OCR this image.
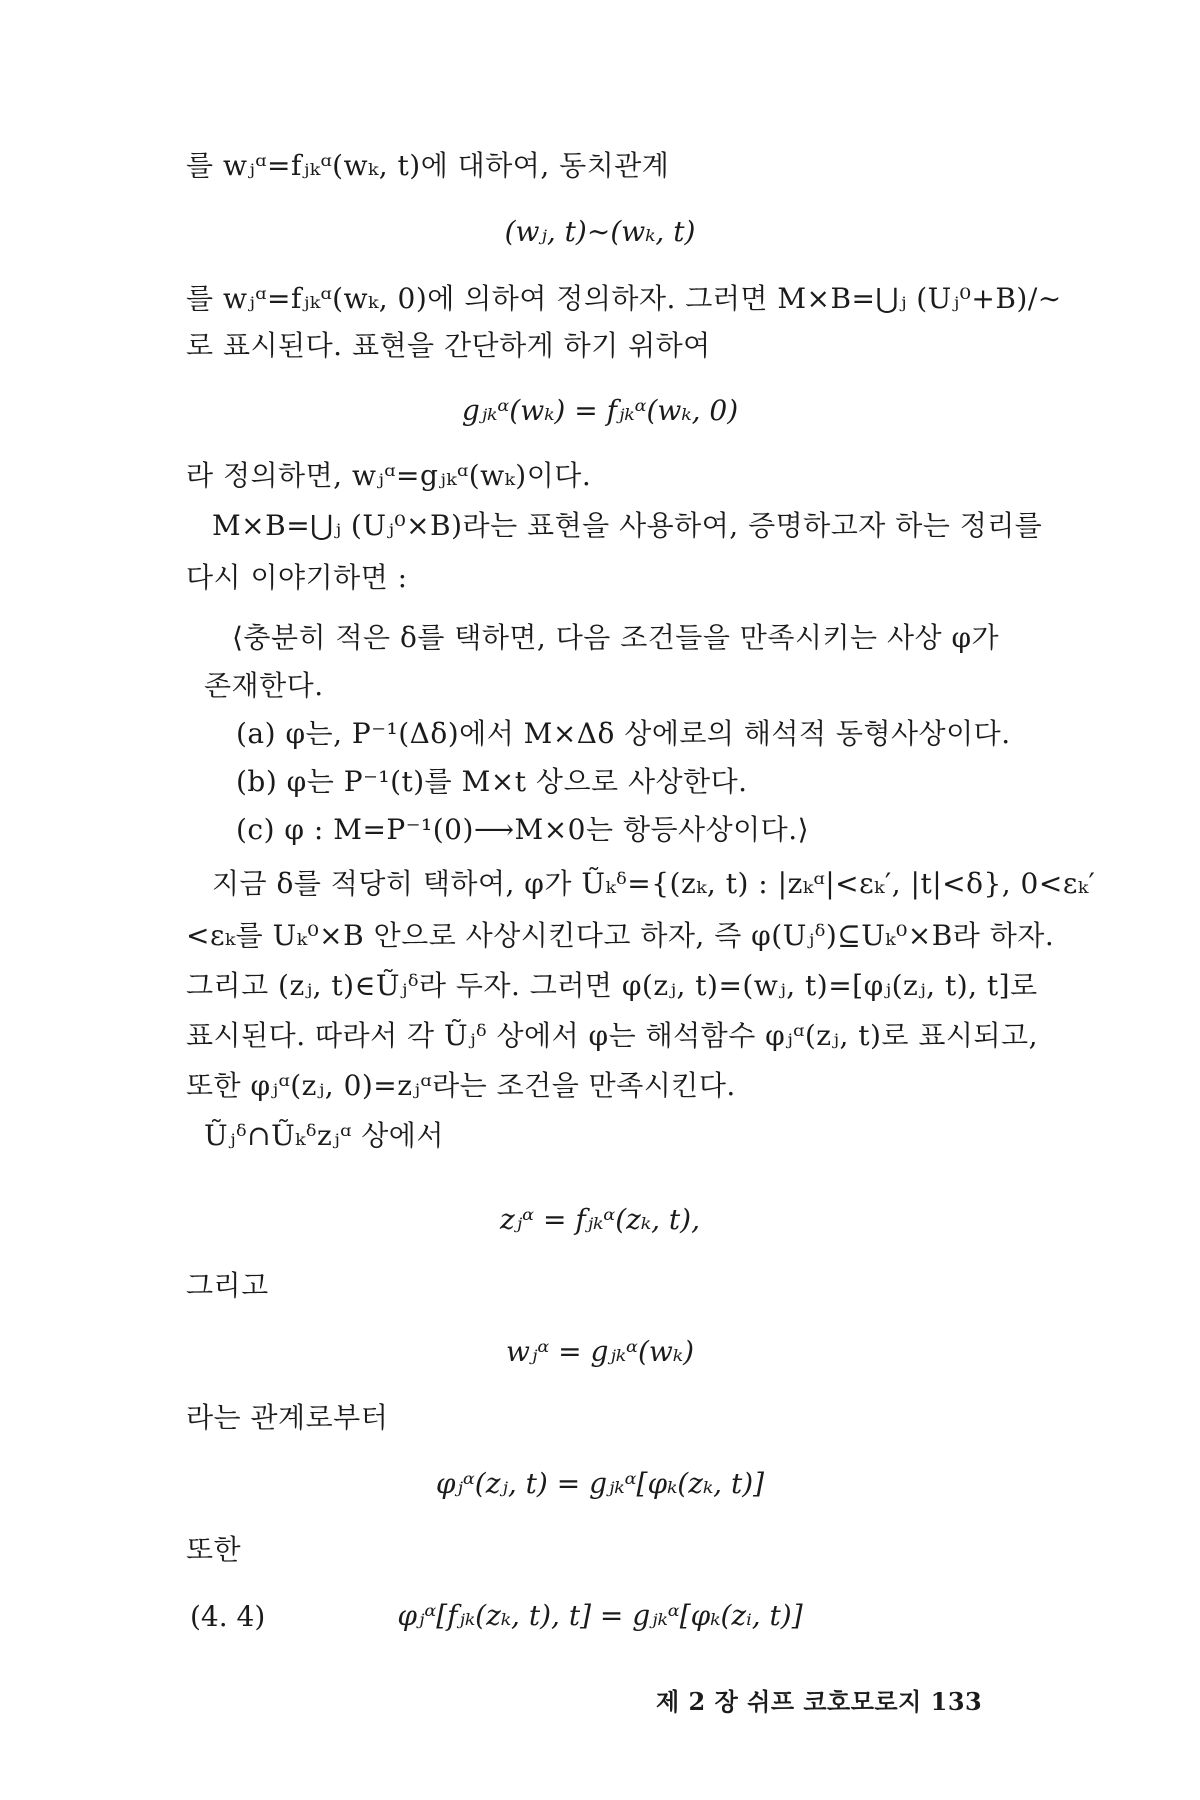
를 wⱼᵅ=fⱼₖᵅ(wₖ, t)에 대하여, 동치관계
(wⱼ, t)∼(wₖ, t)
를 wⱼᵅ=fⱼₖᵅ(wₖ, 0)에 의하여 정의하자. 그러면 M×B=⋃ⱼ (Uⱼ⁰+B)/∼
로 표시된다. 표현을 간단하게 하기 위하여
gⱼₖᵅ(wₖ) = fⱼₖᵅ(wₖ, 0)
라 정의하면, wⱼᵅ=gⱼₖᵅ(wₖ)이다.
M×B=⋃ⱼ (Uⱼ⁰×B)라는 표현을 사용하여, 증명하고자 하는 정리를
다시 이야기하면 :
⟨충분히 적은 δ를 택하면, 다음 조건들을 만족시키는 사상 φ가
존재한다.
(a) φ는, P⁻¹(Δδ)에서 M×Δδ 상에로의 해석적 동형사상이다.
(b) φ는 P⁻¹(t)를 M×t 상으로 사상한다.
(c) φ : M=P⁻¹(0)⟶M×0는 항등사상이다.⟩
지금 δ를 적당히 택하여, φ가 Ũₖᵟ={(zₖ, t) : |zₖᵅ|<εₖ′, |t|<δ}, 0<εₖ′
<εₖ를 Uₖ⁰×B 안으로 사상시킨다고 하자, 즉 φ(Uⱼᵟ)⊆Uₖ⁰×B라 하자.
그리고 (zⱼ, t)∈Ũⱼᵟ라 두자. 그러면 φ(zⱼ, t)=(wⱼ, t)=[φⱼ(zⱼ, t), t]로
표시된다. 따라서 각 Ũⱼᵟ 상에서 φ는 해석함수 φⱼᵅ(zⱼ, t)로 표시되고,
또한 φⱼᵅ(zⱼ, 0)=zⱼᵅ라는 조건을 만족시킨다.
Ũⱼᵟ∩Ũₖᵟzⱼᵅ 상에서
zⱼᵅ = fⱼₖᵅ(zₖ, t),
그리고
wⱼᵅ = gⱼₖᵅ(wₖ)
라는 관계로부터
φⱼᵅ(zⱼ, t) = gⱼₖᵅ[φₖ(zₖ, t)]
또한
(4. 4)	φⱼᵅ[fⱼₖ(zₖ, t), t] = gⱼₖᵅ[φₖ(zᵢ, t)]
제 2 장 쉬프 코호모로지 133
